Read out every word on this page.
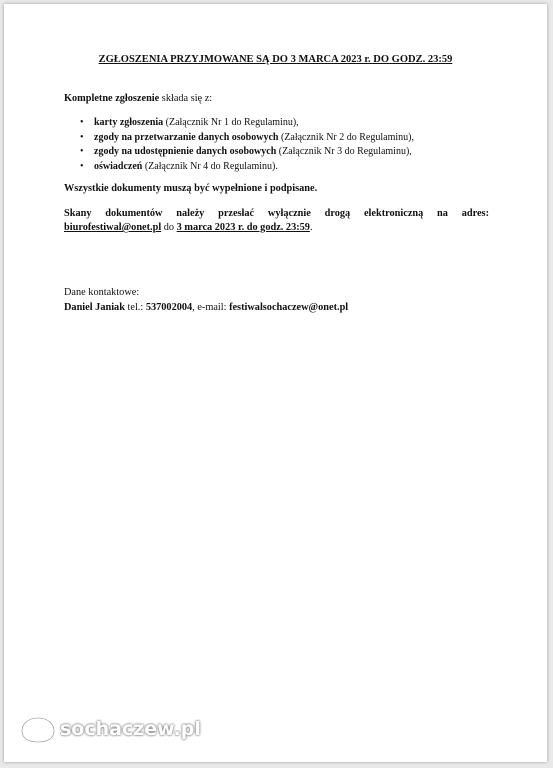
ZGŁOSZENIA PRZYJMOWANE SĄ DO 3 MARCA 2023 r. DO GODZ. 23:59
Kompletne zgłoszenie składa się z:
• karty zgłoszenia (Załącznik Nr 1 do Regulaminu),
• zgody na przetwarzanie danych osobowych (Załącznik Nr 2 do Regulaminu),
• zgody na udostępnienie danych osobowych (Załącznik Nr 3 do Regulaminu),
• oświadczeń (Załącznik Nr 4 do Regulaminu).
Wszystkie dokumenty muszą być wypełnione i podpisane.
Skany dokumentów należy przesłać wyłącznie drogą elektroniczną na adres: biurofestiwal@onet.pl do 3 marca 2023 r. do godz. 23:59.
Dane kontaktowe:
Daniel Janiak tel.: 537002004, e-mail: festiwalsochaczew@onet.pl
sochaczew.pl
